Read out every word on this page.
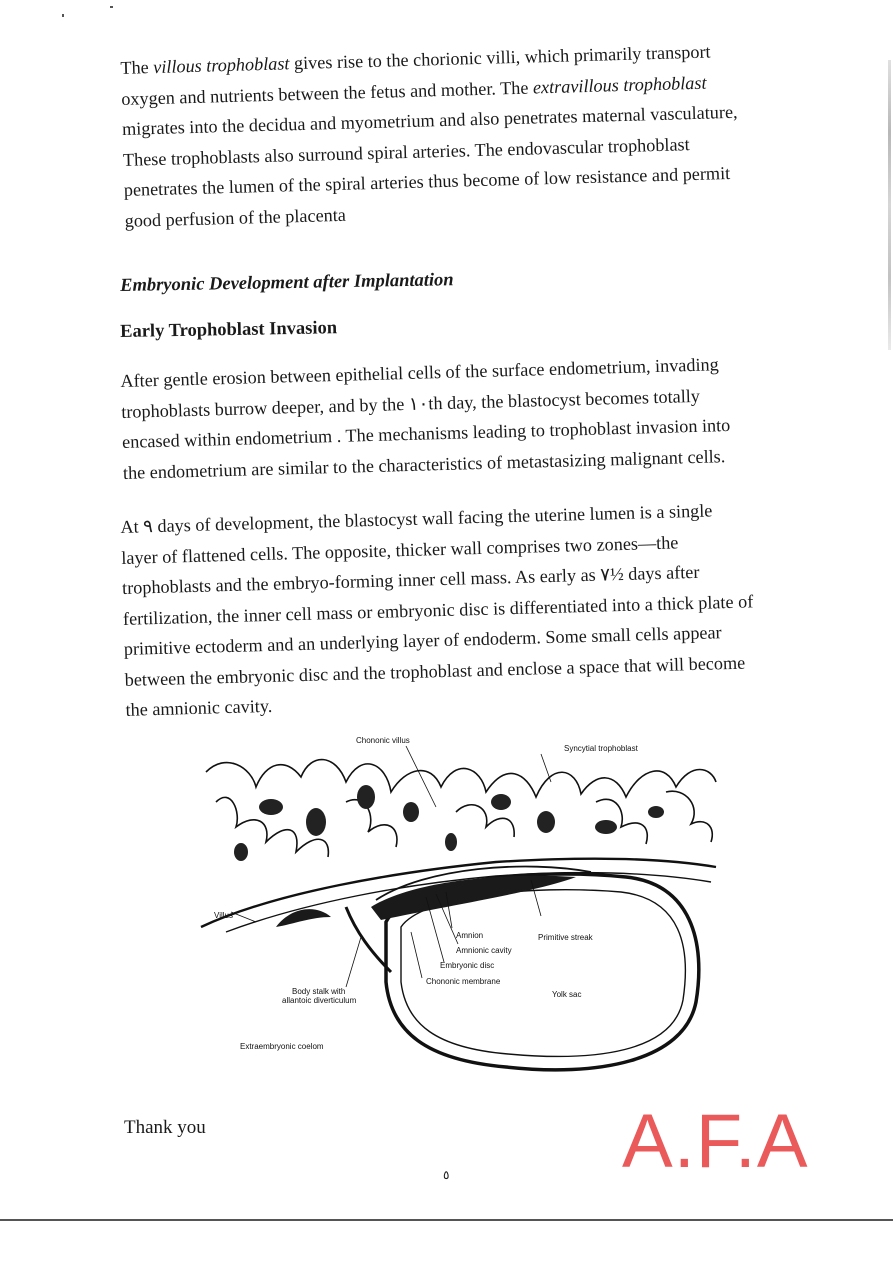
The villous trophoblast gives rise to the chorionic villi, which primarily transport oxygen and nutrients between the fetus and mother. The extravillous trophoblast migrates into the decidua and myometrium and also penetrates maternal vasculature, These trophoblasts also surround spiral arteries. The endovascular trophoblast penetrates the lumen of the spiral arteries thus become of low resistance and permit good perfusion of the placenta

Embryonic Development after Implantation
Early Trophoblast Invasion

After gentle erosion between epithelial cells of the surface endometrium, invading trophoblasts burrow deeper, and by the ١٠th day, the blastocyst becomes totally encased within endometrium . The mechanisms leading to trophoblast invasion into the endometrium are similar to the characteristics of metastasizing malignant cells.

At ٩ days of development, the blastocyst wall facing the uterine lumen is a single layer of flattened cells. The opposite, thicker wall comprises two zones—the trophoblasts and the embryo-forming inner cell mass. As early as ٧½ days after fertilization, the inner cell mass or embryonic disc is differentiated into a thick plate of primitive ectoderm and an underlying layer of endoderm. Some small cells appear between the embryonic disc and the trophoblast and enclose a space that will become the amnionic cavity.

Chononic villus
Syncytial trophoblast
Villus
Amnion	Primitive streak
Amnionic cavity
Embryonic disc
Chononic membrane
Yolk sac
Body stalk with
allantoic diverticulum
Extraembryonic coelom
Thank you	A.F.A
٥
